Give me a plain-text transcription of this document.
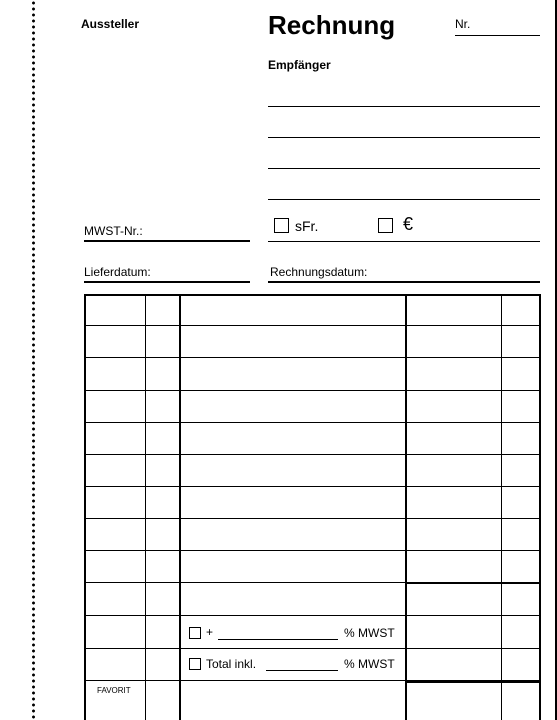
Aussteller	Rechnung	Nr.
Empfänger
sFr.	€
MWST-Nr.:
Lieferdatum:	Rechnungsdatum:
+	% MWST
Total inkl.	% MWST
FAVORIT
